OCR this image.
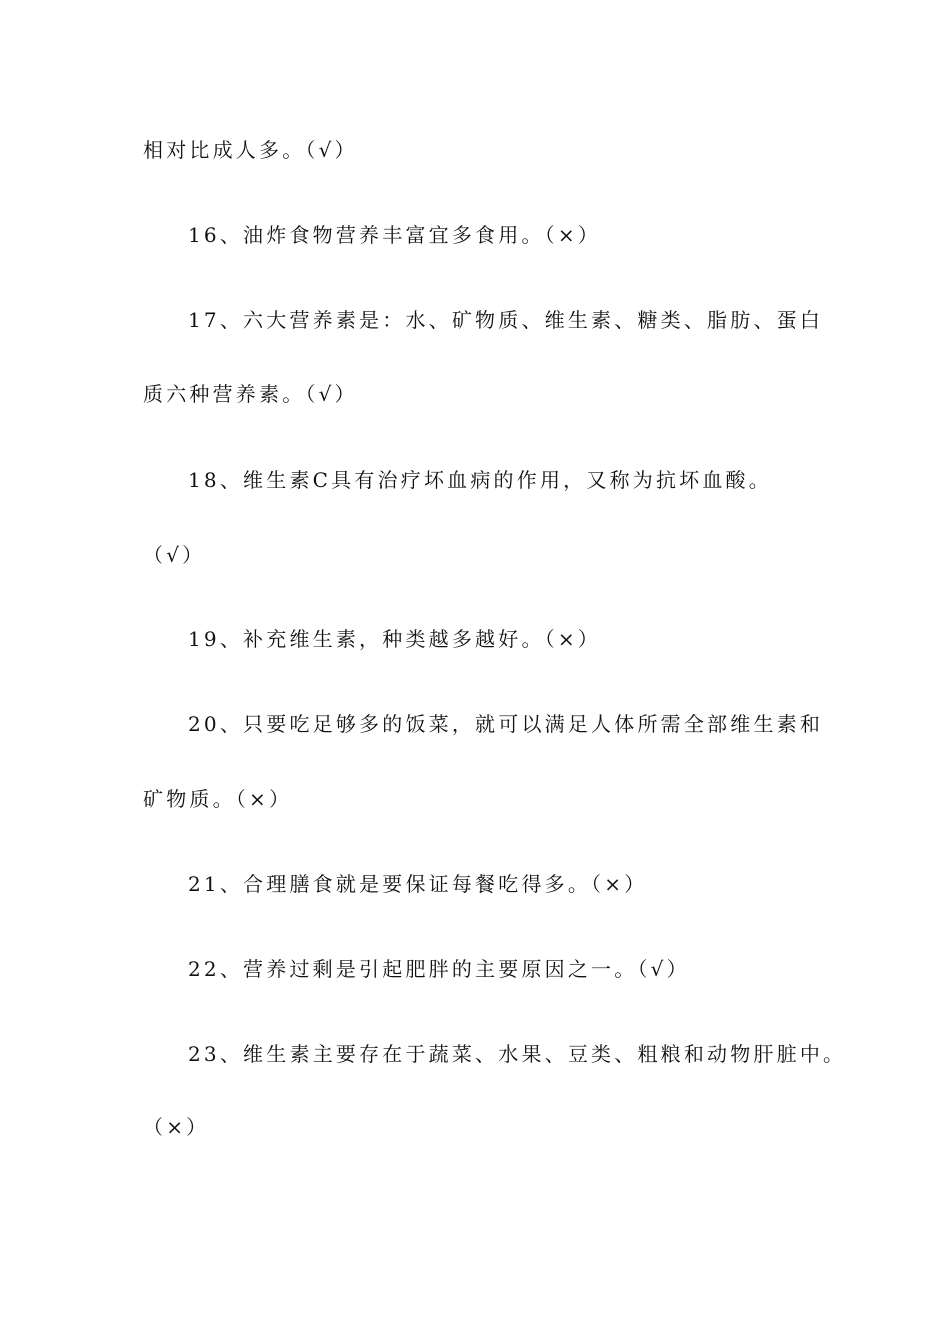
相对比成人多。（√）
16、油炸食物营养丰富宜多食用。（×）
17、六大营养素是：水、矿物质、维生素、糖类、脂肪、蛋白
质六种营养素。（√）
18、维生素C具有治疗坏血病的作用，又称为抗坏血酸。
（√）
19、补充维生素，种类越多越好。（×）
20、只要吃足够多的饭菜，就可以满足人体所需全部维生素和
矿物质。（×）
21、合理膳食就是要保证每餐吃得多。（×）
22、营养过剩是引起肥胖的主要原因之一。（√）
23、维生素主要存在于蔬菜、水果、豆类、粗粮和动物肝脏中。
（×）
